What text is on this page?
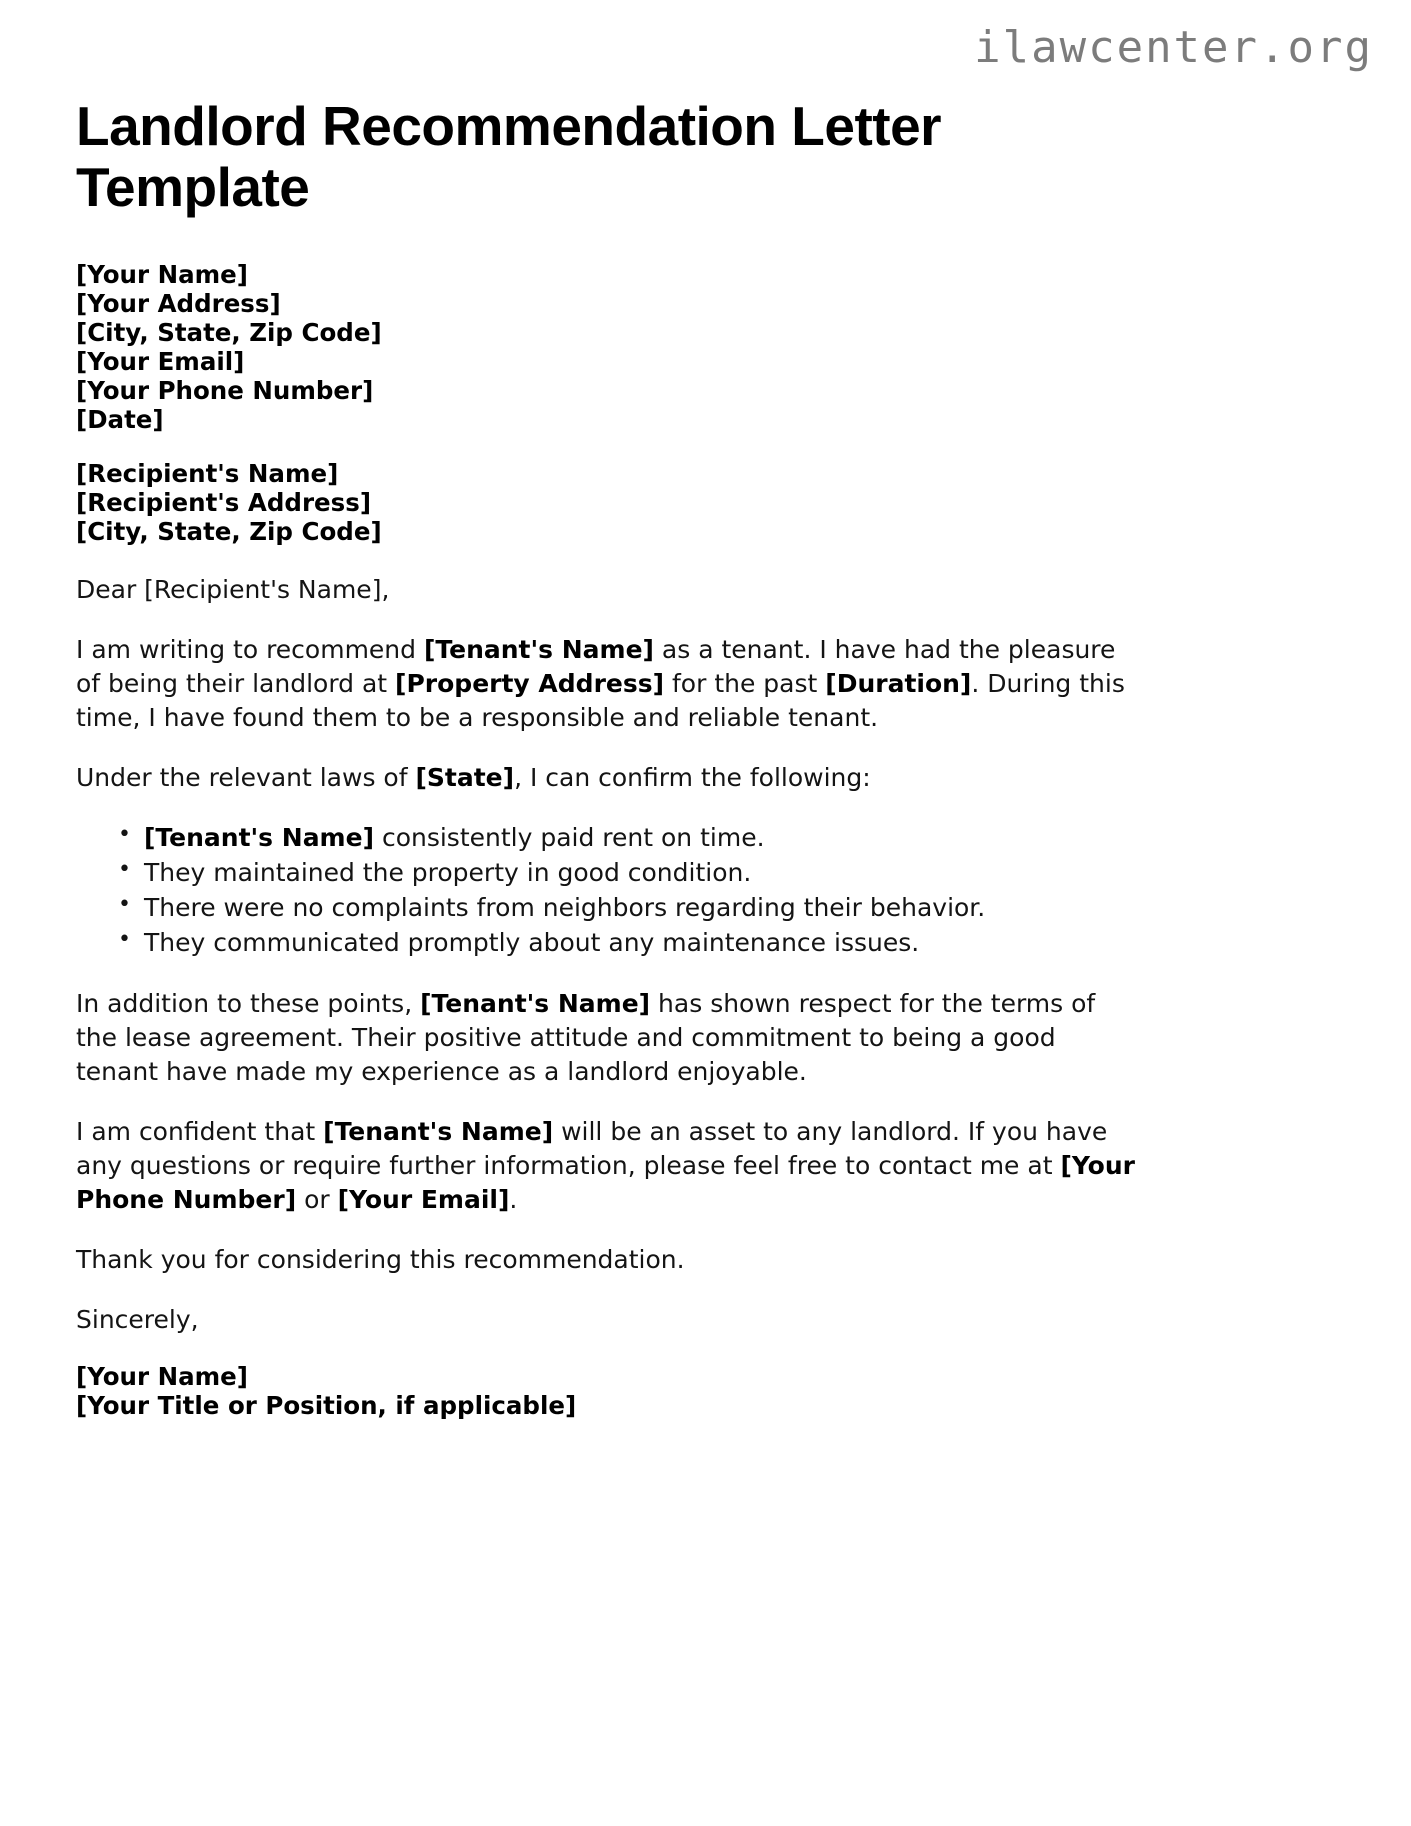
ilawcenter.org
Landlord Recommendation Letter Template
[Your Name]
[Your Address]
[City, State, Zip Code]
[Your Email]
[Your Phone Number]
[Date]
[Recipient's Name]
[Recipient's Address]
[City, State, Zip Code]

Dear [Recipient's Name],

I am writing to recommend [Tenant's Name] as a tenant. I have had the pleasure of being their landlord at [Property Address] for the past [Duration]. During this time, I have found them to be a responsible and reliable tenant.

Under the relevant laws of [State], I can confirm the following:

• [Tenant's Name] consistently paid rent on time.
• They maintained the property in good condition.
• There were no complaints from neighbors regarding their behavior.
• They communicated promptly about any maintenance issues.

In addition to these points, [Tenant's Name] has shown respect for the terms of the lease agreement. Their positive attitude and commitment to being a good tenant have made my experience as a landlord enjoyable.

I am confident that [Tenant's Name] will be an asset to any landlord. If you have any questions or require further information, please feel free to contact me at [Your Phone Number] or [Your Email].

Thank you for considering this recommendation.

Sincerely,

[Your Name]
[Your Title or Position, if applicable]
